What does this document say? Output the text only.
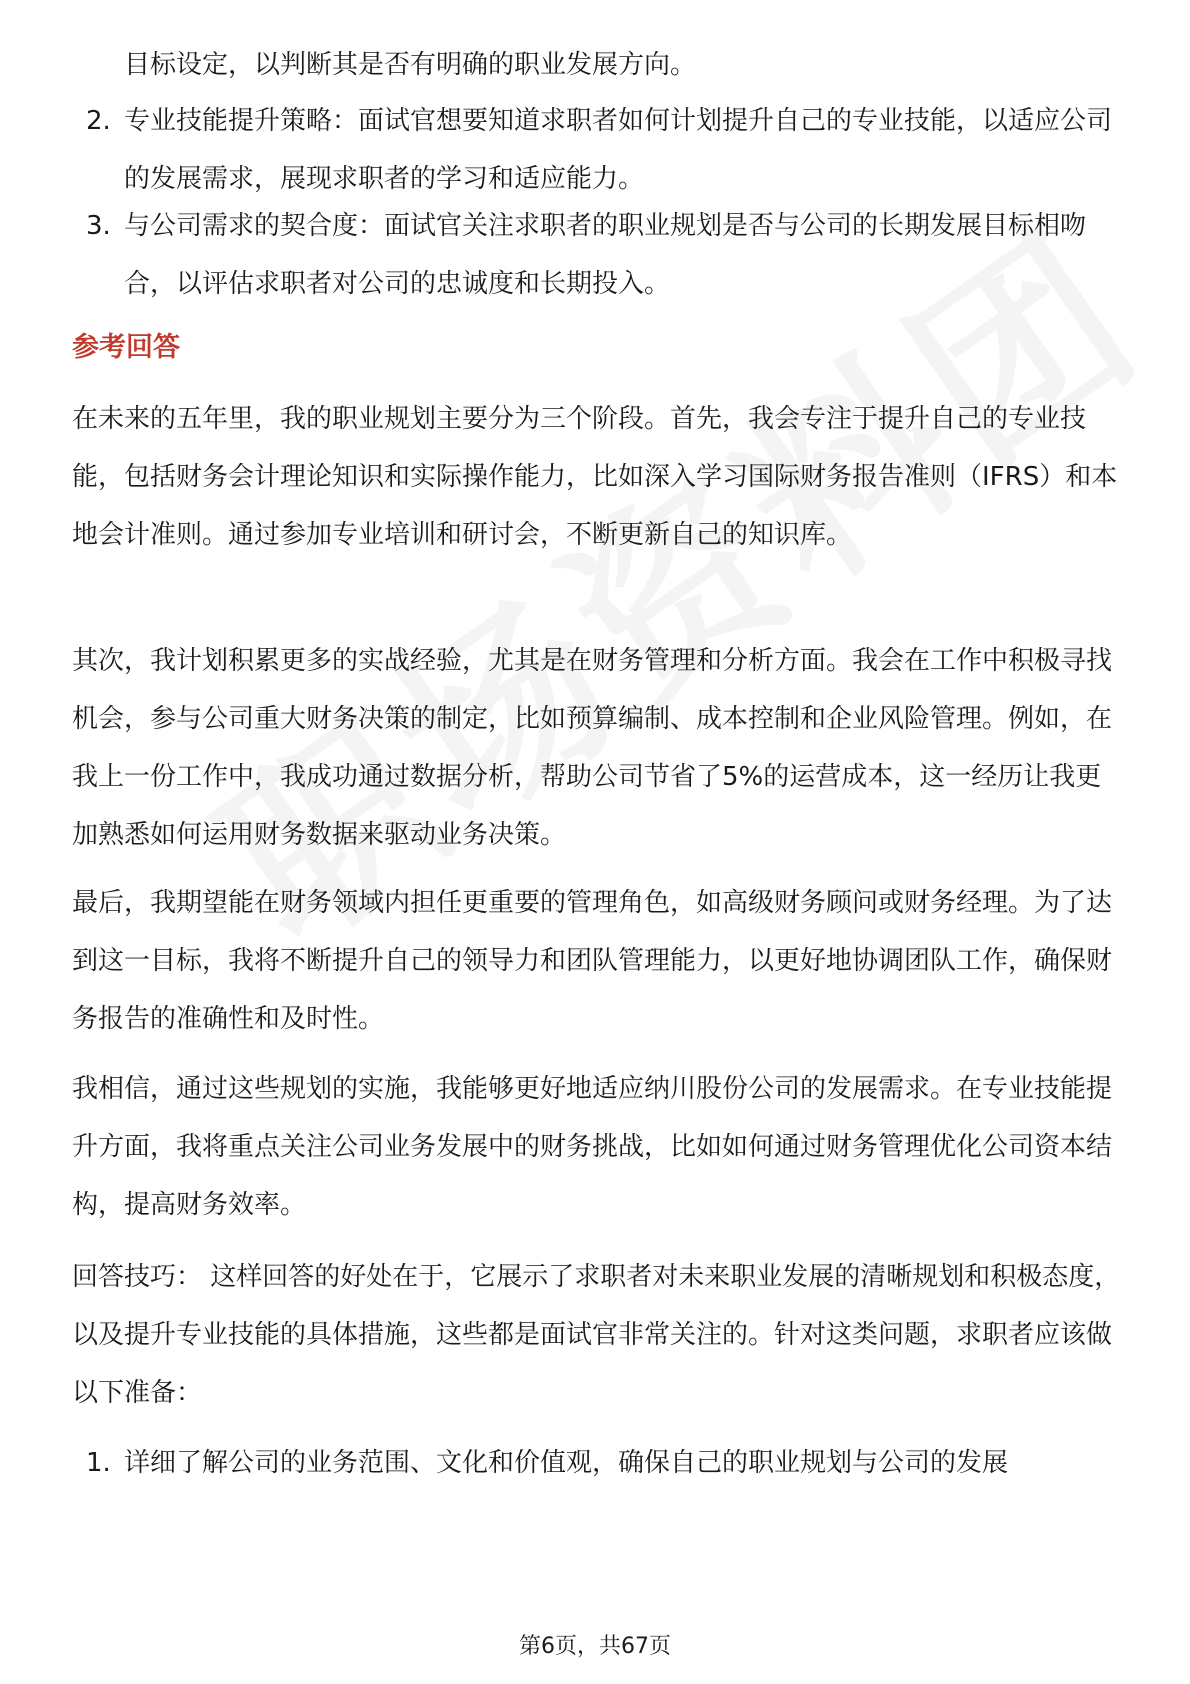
目标设定，以判断其是否有明确的职业发展方向。
2. 专业技能提升策略：面试官想要知道求职者如何计划提升自己的专业技能，以适应公司的发展需求，展现求职者的学习和适应能力。
3. 与公司需求的契合度：面试官关注求职者的职业规划是否与公司的长期发展目标相吻合，以评估求职者对公司的忠诚度和长期投入。
参考回答
在未来的五年里，我的职业规划主要分为三个阶段。首先，我会专注于提升自己的专业技能，包括财务会计理论知识和实际操作能力，比如深入学习国际财务报告准则（IFRS）和本地会计准则。通过参加专业培训和研讨会，不断更新自己的知识库。
其次，我计划积累更多的实战经验，尤其是在财务管理和分析方面。我会在工作中积极寻找机会，参与公司重大财务决策的制定，比如预算编制、成本控制和企业风险管理。例如，在我上一份工作中，我成功通过数据分析，帮助公司节省了5%的运营成本，这一经历让我更加熟悉如何运用财务数据来驱动业务决策。
最后，我期望能在财务领域内担任更重要的管理角色，如高级财务顾问或财务经理。为了达到这一目标，我将不断提升自己的领导力和团队管理能力，以更好地协调团队工作，确保财务报告的准确性和及时性。
我相信，通过这些规划的实施，我能够更好地适应纳川股份公司的发展需求。在专业技能提升方面，我将重点关注公司业务发展中的财务挑战，比如如何通过财务管理优化公司资本结构，提高财务效率。
回答技巧： 这样回答的好处在于，它展示了求职者对未来职业发展的清晰规划和积极态度，以及提升专业技能的具体措施，这些都是面试官非常关注的。针对这类问题，求职者应该做以下准备：
1. 详细了解公司的业务范围、文化和价值观，确保自己的职业规划与公司的发展
第6页，共67页
